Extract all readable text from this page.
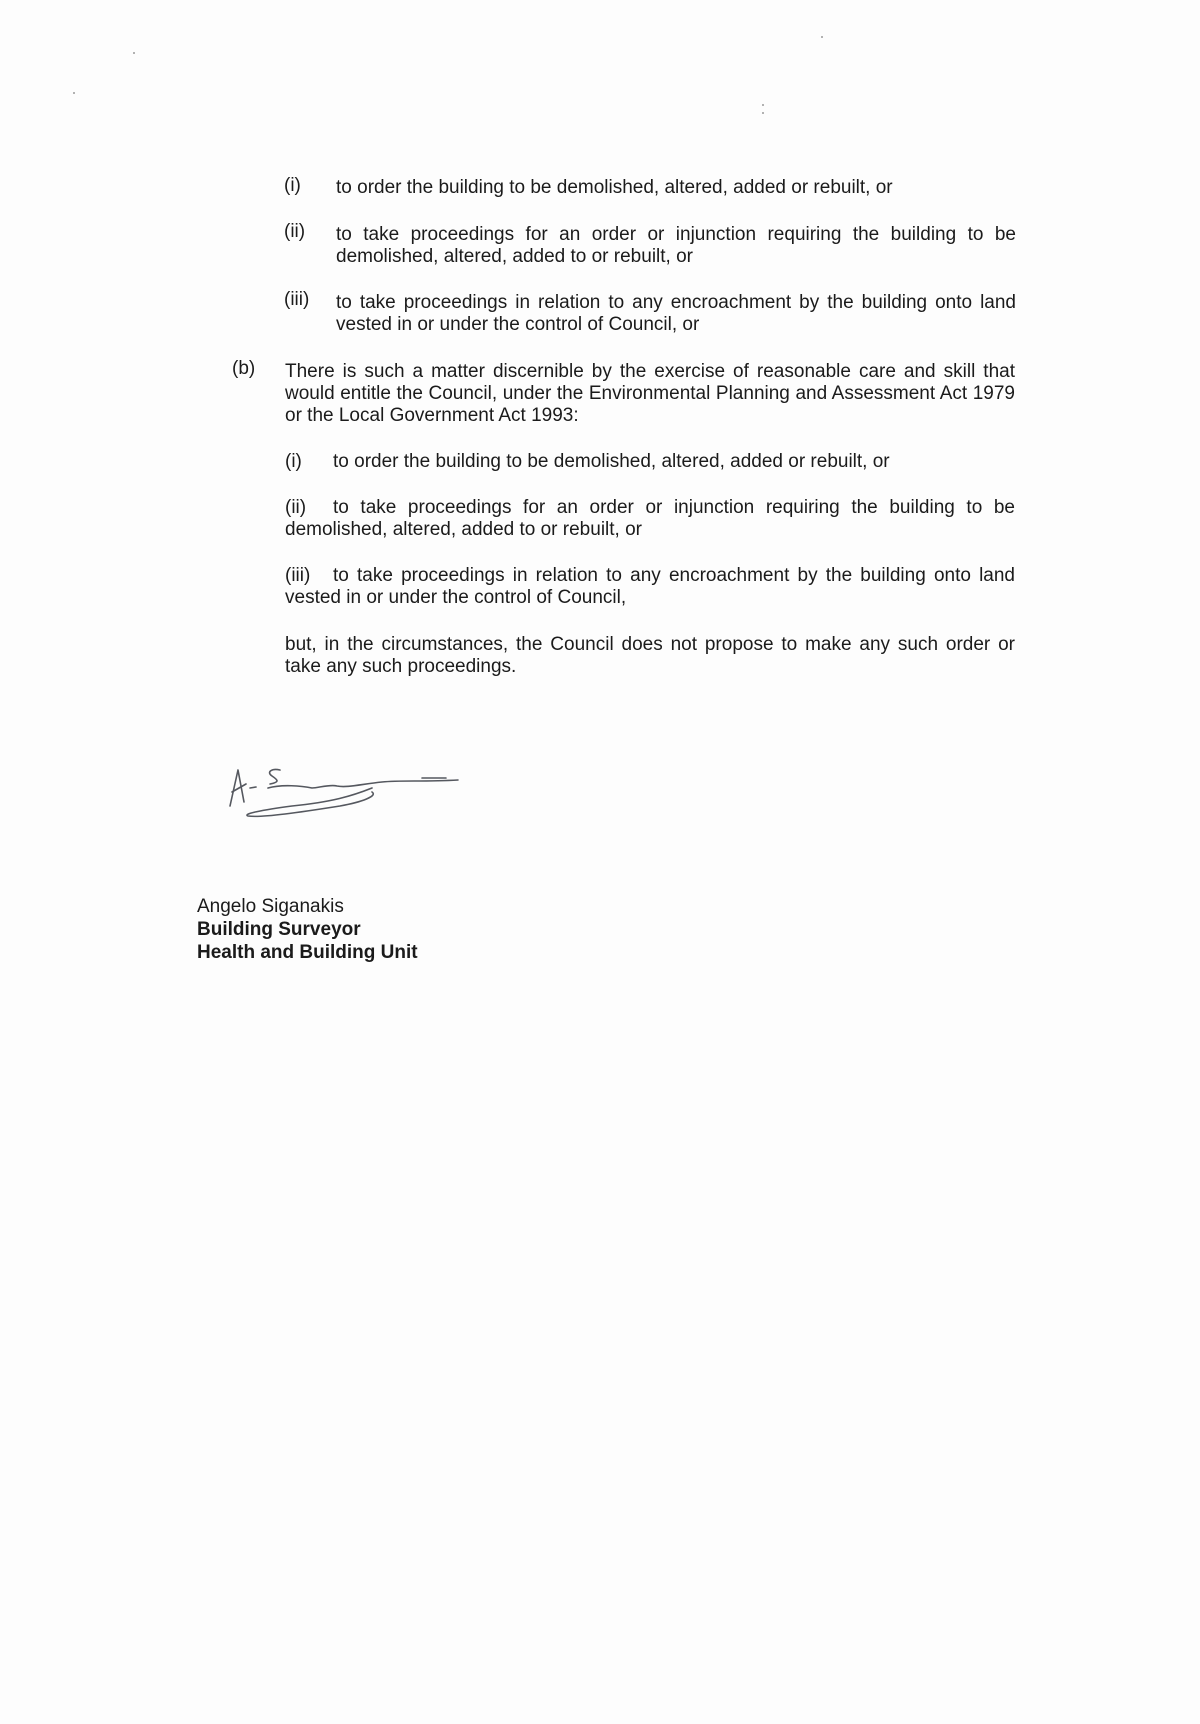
(i) to order the building to be demolished, altered, added or rebuilt, or
(ii) to take proceedings for an order or injunction requiring the building to be demolished, altered, added to or rebuilt, or
(iii) to take proceedings in relation to any encroachment by the building onto land vested in or under the control of Council, or
(b) There is such a matter discernible by the exercise of reasonable care and skill that would entitle the Council, under the Environmental Planning and Assessment Act 1979 or the Local Government Act 1993:
(i) to order the building to be demolished, altered, added or rebuilt, or
(ii) to take proceedings for an order or injunction requiring the building to be demolished, altered, added to or rebuilt, or
(iii) to take proceedings in relation to any encroachment by the building onto land vested in or under the control of Council,
but, in the circumstances, the Council does not propose to make any such order or take any such proceedings.
Angelo Siganakis
Building Surveyor
Health and Building Unit
